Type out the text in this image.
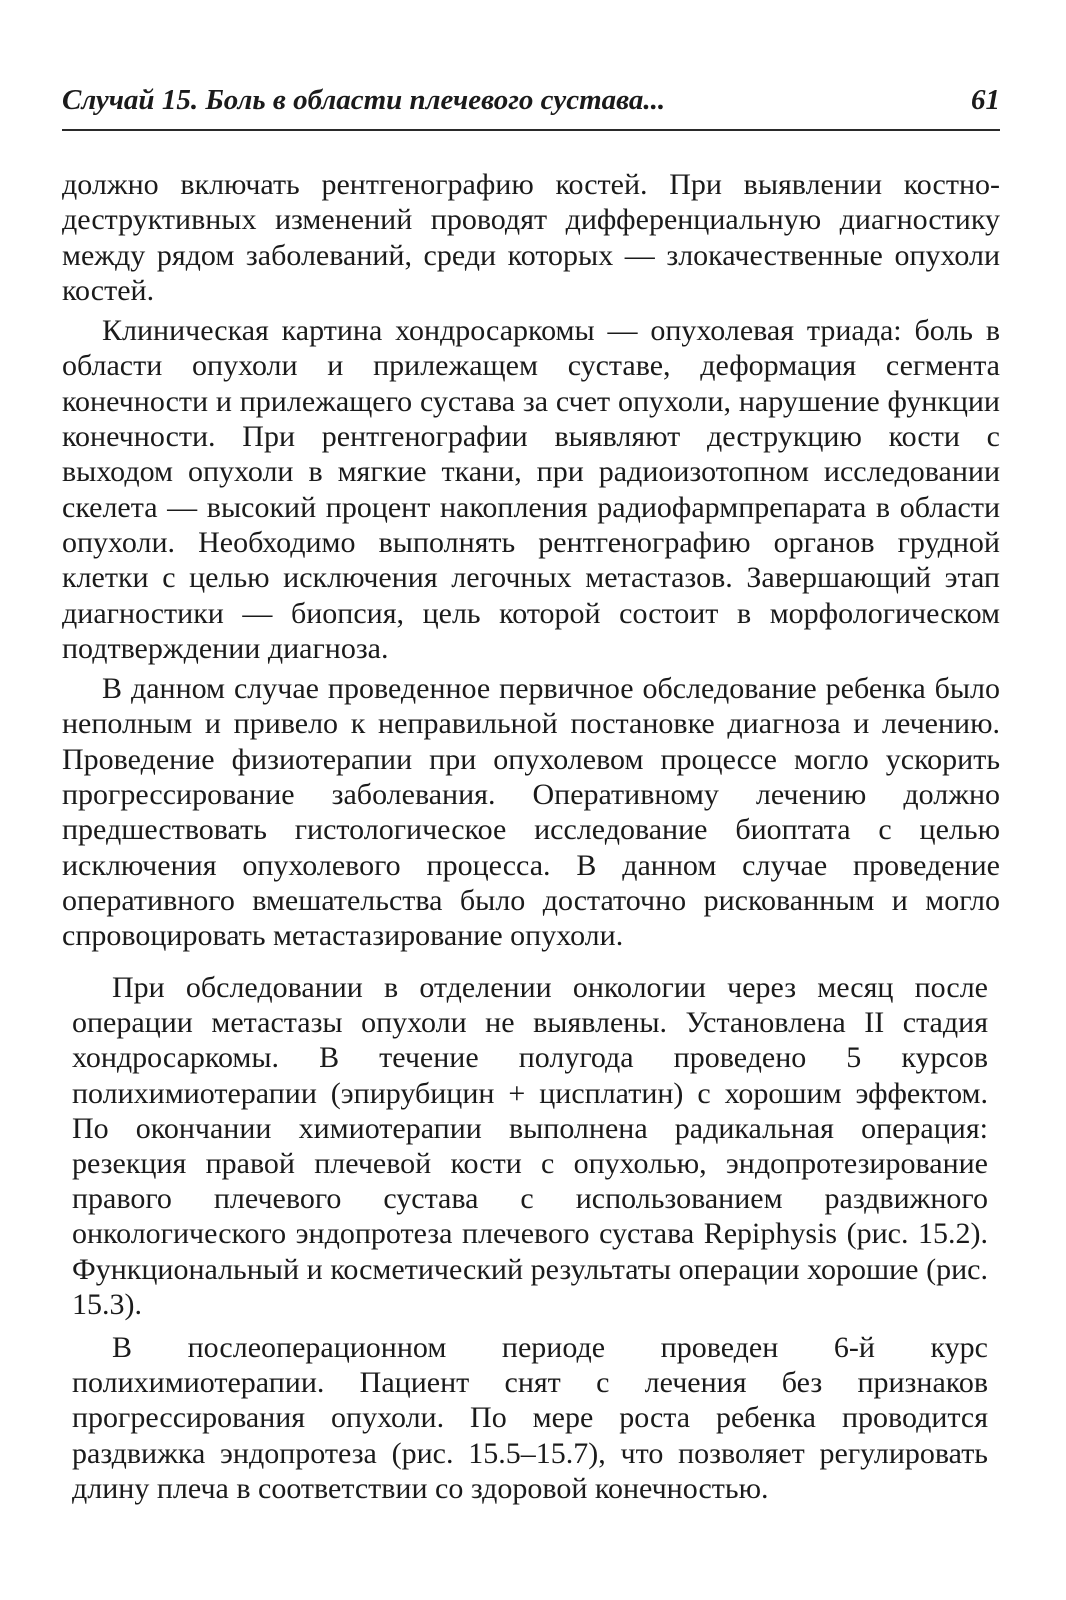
Случай 15. Боль в области плечевого сустава...	61

должно включать рентгенографию костей. При выявлении костно-деструктивных изменений проводят дифференциальную диагностику между рядом заболеваний, среди которых — злокачественные опухоли костей.

Клиническая картина хондросаркомы — опухолевая триада: боль в области опухоли и прилежащем суставе, деформация сегмента конечности и прилежащего сустава за счет опухоли, нарушение функции конечности. При рентгенографии выявляют деструкцию кости с выходом опухоли в мягкие ткани, при радиоизотопном исследовании скелета — высокий процент накопления радиофармпрепарата в области опухоли. Необходимо выполнять рентгенографию органов грудной клетки с целью исключения легочных метастазов. Завершающий этап диагностики — биопсия, цель которой состоит в морфологическом подтверждении диагноза.

В данном случае проведенное первичное обследование ребенка было неполным и привело к неправильной постановке диагноза и лечению. Проведение физиотерапии при опухолевом процессе могло ускорить прогрессирование заболевания. Оперативному лечению должно предшествовать гистологическое исследование биоптата с целью исключения опухолевого процесса. В данном случае проведение оперативного вмешательства было достаточно рискованным и могло спровоцировать метастазирование опухоли.

При обследовании в отделении онкологии через месяц после операции метастазы опухоли не выявлены. Установлена II стадия хондросаркомы. В течение полугода проведено 5 курсов полихимиотерапии (эпирубицин + цисплатин) с хорошим эффектом. По окончании химиотерапии выполнена радикальная операция: резекция правой плечевой кости с опухолью, эндопротезирование правого плечевого сустава с использованием раздвижного онкологического эндопротеза плечевого сустава Repiphysis (рис. 15.2). Функциональный и косметический результаты операции хорошие (рис. 15.3).

В послеоперационном периоде проведен 6-й курс полихимиотерапии. Пациент снят с лечения без признаков прогрессирования опухоли. По мере роста ребенка проводится раздвижка эндопротеза (рис. 15.5–15.7), что позволяет регулировать длину плеча в соответствии со здоровой конечностью.
